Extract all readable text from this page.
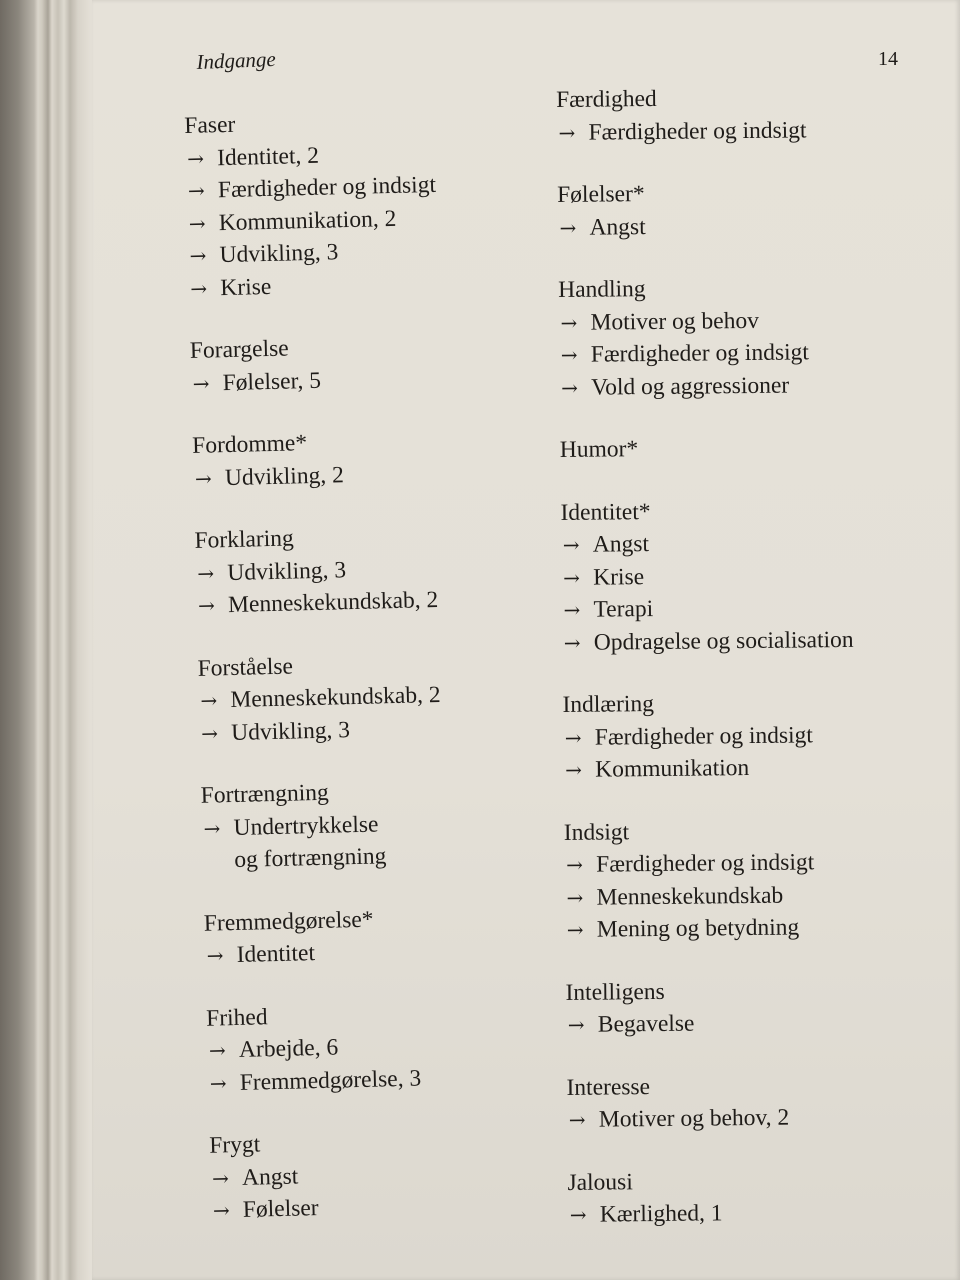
Indgange	14
Faser
→ Identitet, 2
→ Færdigheder og indsigt
→ Kommunikation, 2
→ Udvikling, 3
→ Krise
Forargelse
→ Følelser, 5
Fordomme*
→ Udvikling, 2
Forklaring
→ Udvikling, 3
→ Menneskekundskab, 2
Forståelse
→ Menneskekundskab, 2
→ Udvikling, 3
Fortrængning
→ Undertrykkelse
og fortrængning
Fremmedgørelse*
→ Identitet
Frihed
→ Arbejde, 6
→ Fremmedgørelse, 3
Frygt
→ Angst
→ Følelser
Færdighed
→ Færdigheder og indsigt
Følelser*
→ Angst
Handling
→ Motiver og behov
→ Færdigheder og indsigt
→ Vold og aggressioner
Humor*
Identitet*
→ Angst
→ Krise
→ Terapi
→ Opdragelse og socialisation
Indlæring
→ Færdigheder og indsigt
→ Kommunikation
Indsigt
→ Færdigheder og indsigt
→ Menneskekundskab
→ Mening og betydning
Intelligens
→ Begavelse
Interesse
→ Motiver og behov, 2
Jalousi
→ Kærlighed, 1
